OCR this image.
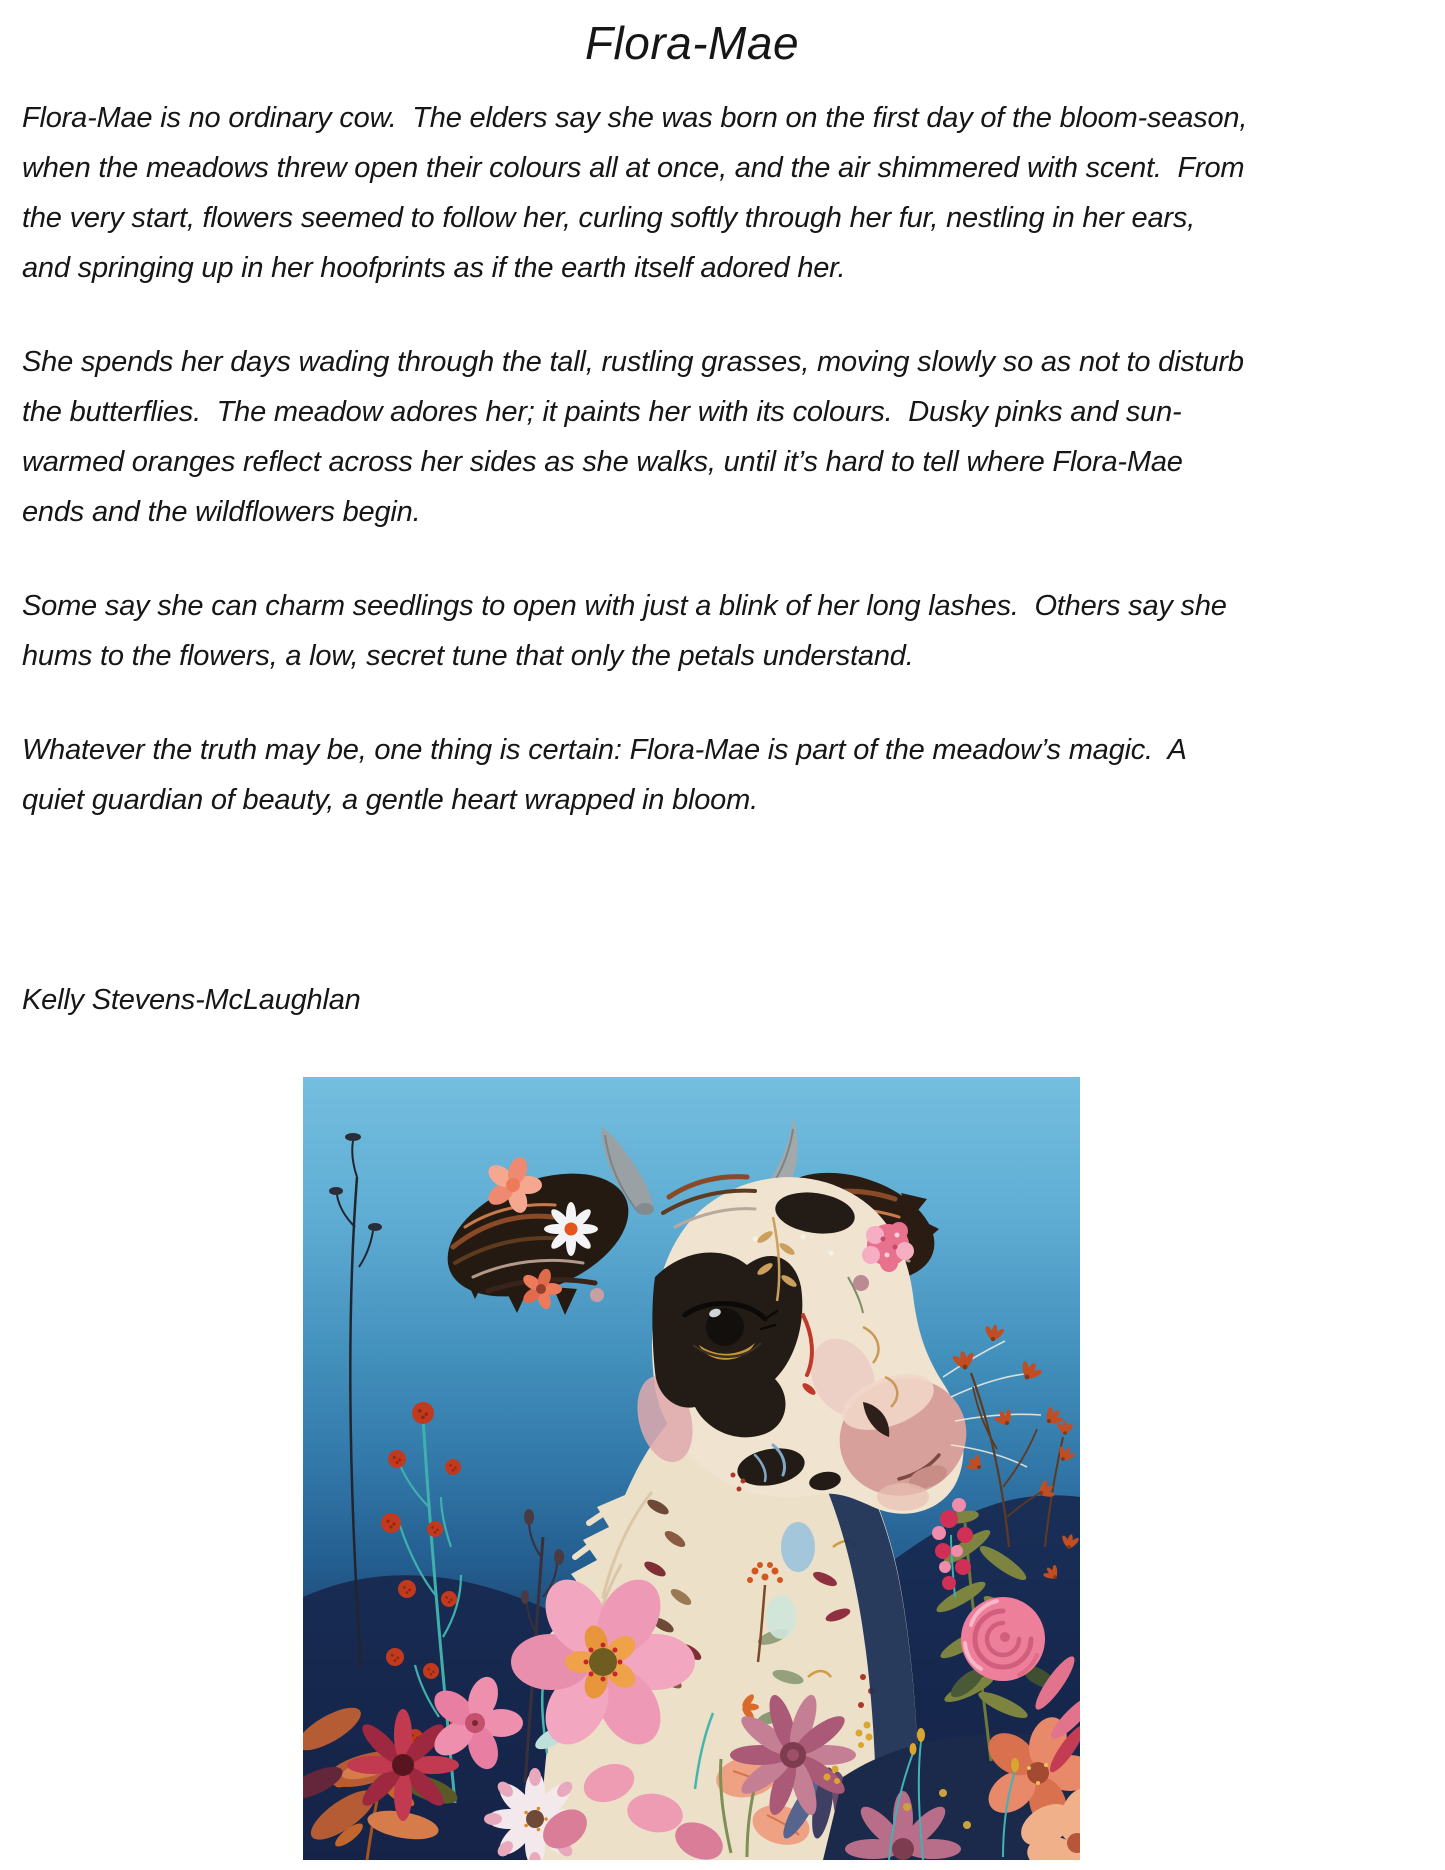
Flora-Mae
Flora-Mae is no ordinary cow.  The elders say she was born on the first day of the bloom-season,
when the meadows threw open their colours all at once, and the air shimmered with scent.  From
the very start, flowers seemed to follow her, curling softly through her fur, nestling in her ears,
and springing up in her hoofprints as if the earth itself adored her.
She spends her days wading through the tall, rustling grasses, moving slowly so as not to disturb
the butterflies.  The meadow adores her; it paints her with its colours.  Dusky pinks and sun-
warmed oranges reflect across her sides as she walks, until it’s hard to tell where Flora-Mae
ends and the wildflowers begin.
Some say she can charm seedlings to open with just a blink of her long lashes.  Others say she
hums to the flowers, a low, secret tune that only the petals understand.
Whatever the truth may be, one thing is certain: Flora-Mae is part of the meadow’s magic.  A
quiet guardian of beauty, a gentle heart wrapped in bloom.
Kelly Stevens-McLaughlan
